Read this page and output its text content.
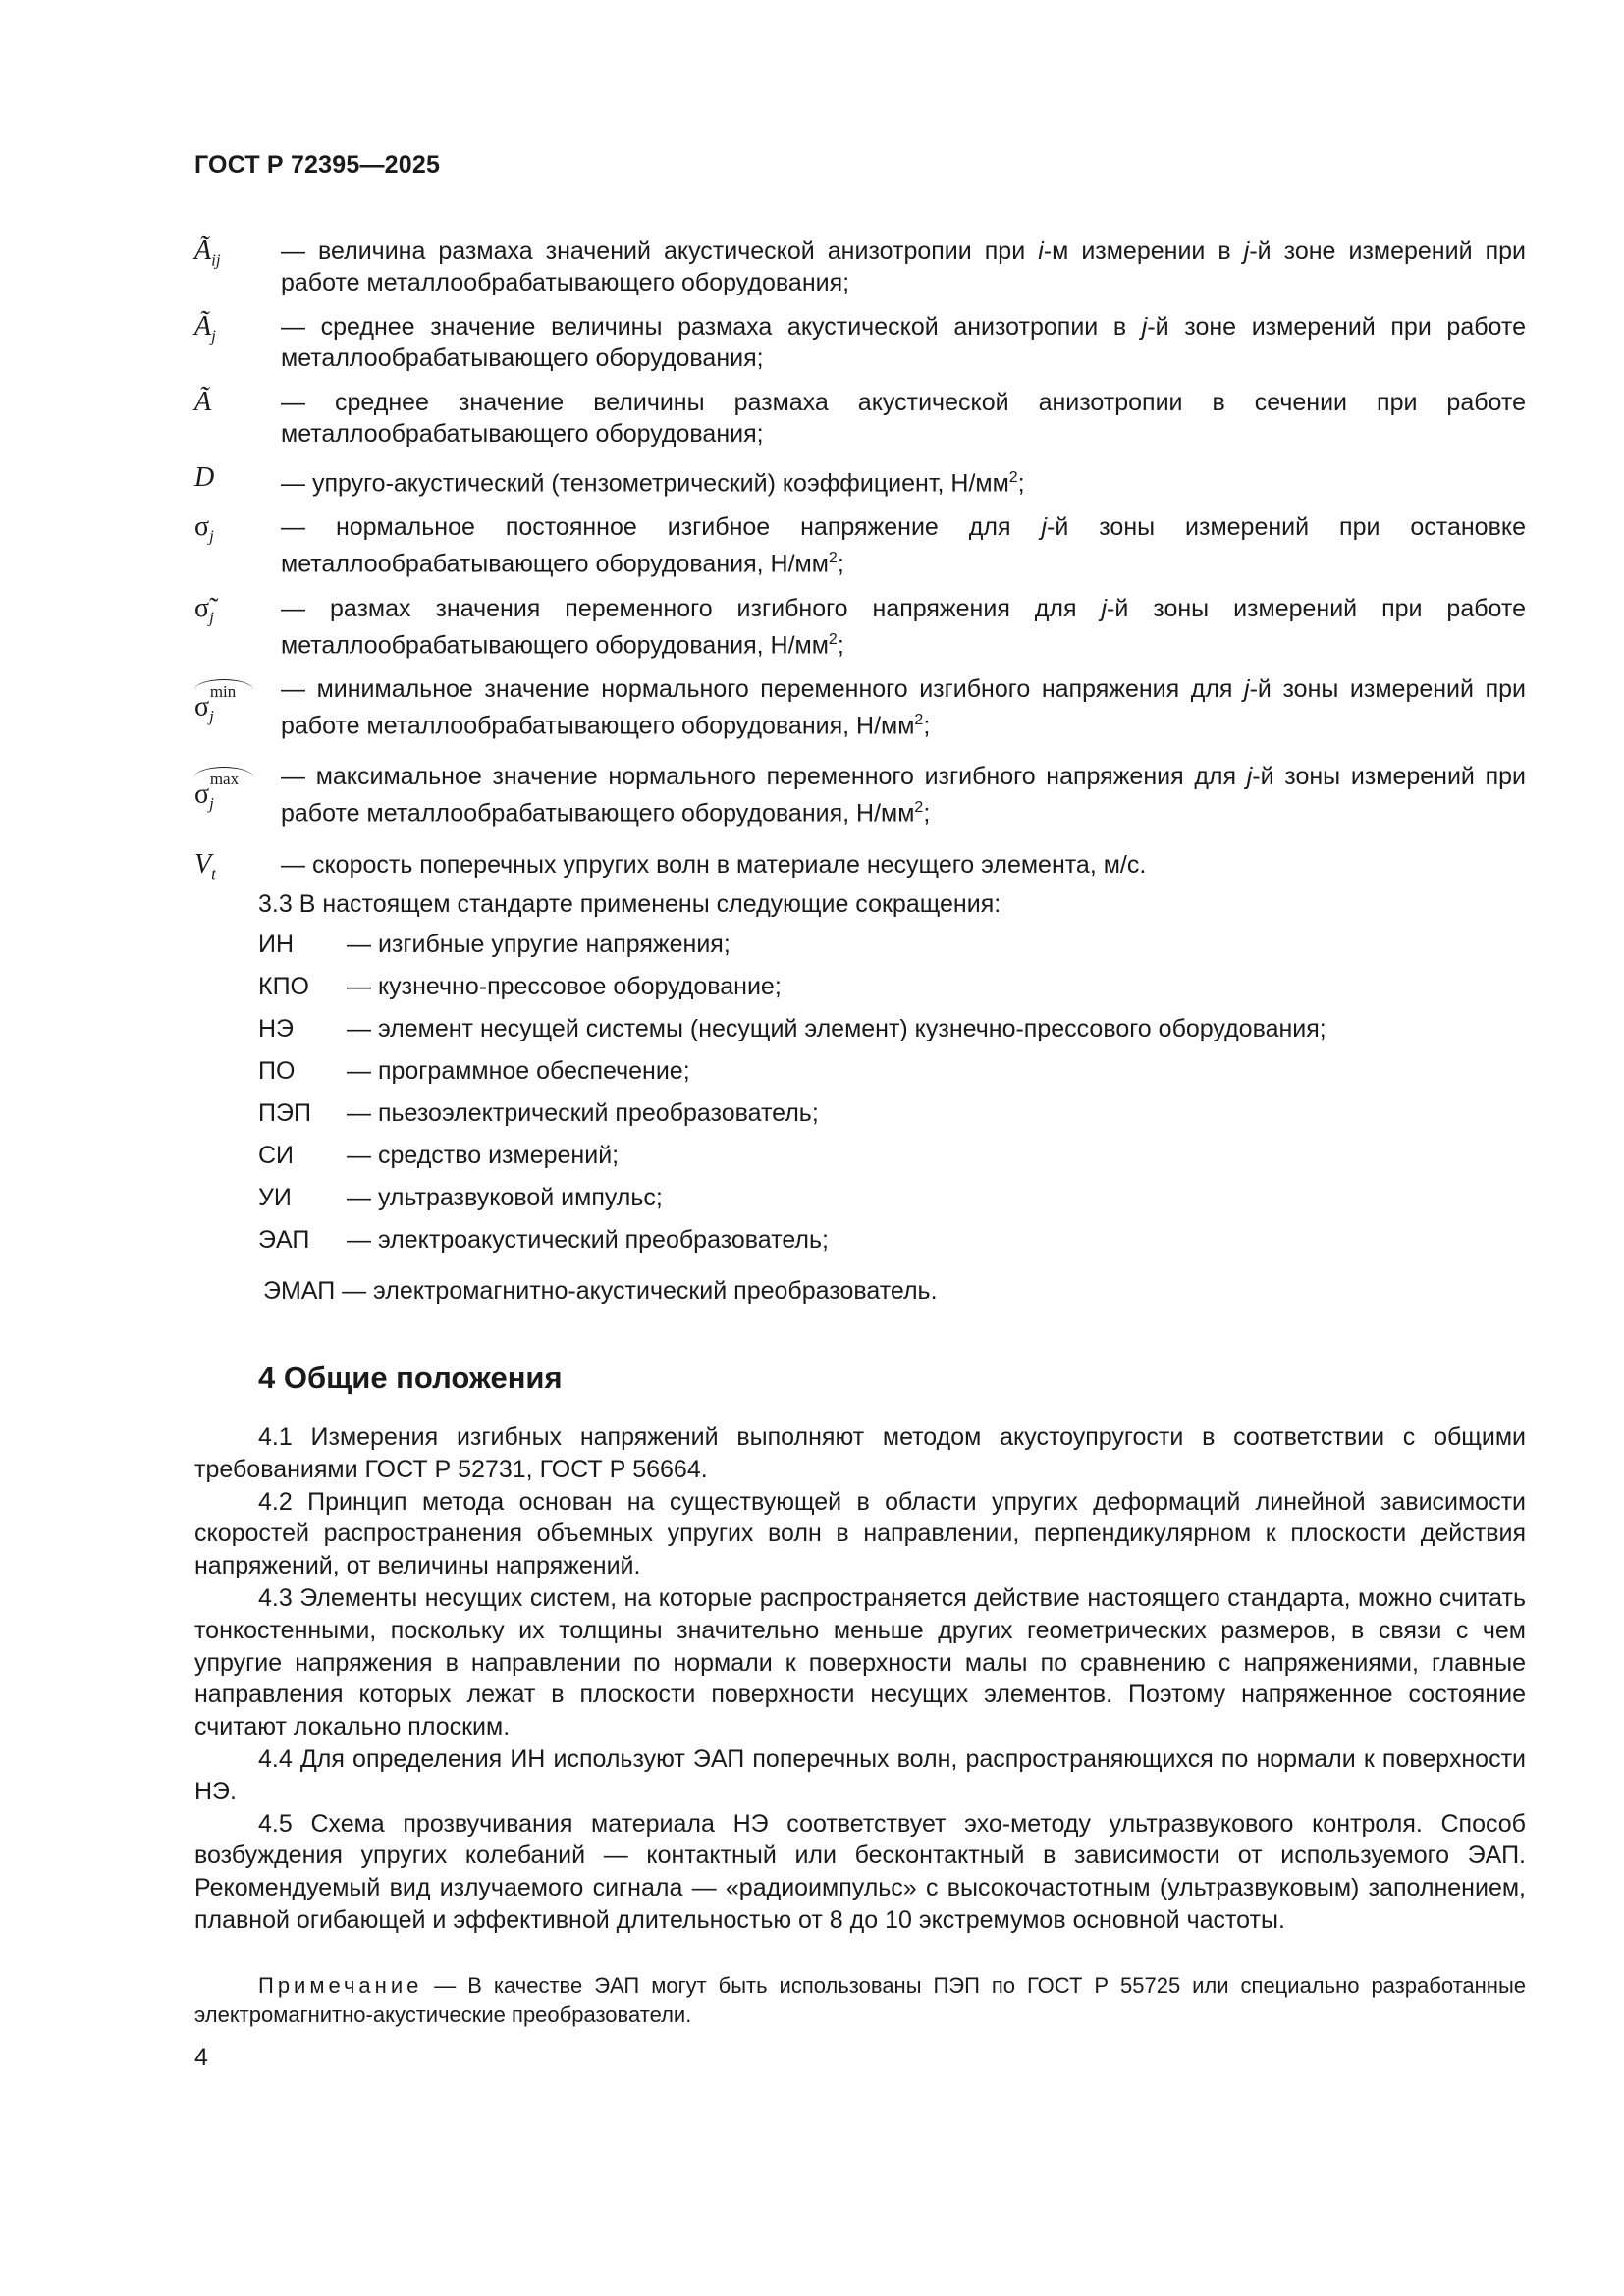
ГОСТ Р 72395—2025
$Ã_{ij}$	— величина размаха значений акустической анизотропии при i-м измерении в j-й зоне измерений при работе металлообрабатывающего оборудования;
$Ã_j$	— среднее значение величины размаха акустической анизотропии в j-й зоне измерений при работе металлообрабатывающего оборудования;
Ã	— среднее значение величины размаха акустической анизотропии в сечении при работе металлообрабатывающего оборудования;
D	— упруго-акустический (тензометрический) коэффициент, $Н/мм^2$;
$\sigma_j$	— нормальное постоянное изгибное напряжение для j-й зоны измерений при остановке металлообрабатывающего оборудования, $Н/мм^2$;
$\sigmã_j$	— размах значения переменного изгибного напряжения для j-й зоны измерений при работе металлообрабатывающего оборудования, $Н/мм^2$;
$\sigma_j^{min}$	— минимальное значение нормального переменного изгибного напряжения для j-й зоны измерений при работе металлообрабатывающего оборудования, $Н/мм^2$;
$\sigma_j^{max}$	— максимальное значение нормального переменного изгибного напряжения для j-й зоны измерений при работе металлообрабатывающего оборудования, $Н/мм^2$;
$V_t$	— скорость поперечных упругих волн в материале несущего элемента, м/с.
3.3 В настоящем стандарте применены следующие сокращения:
ИН — изгибные упругие напряжения;
КПО — кузнечно-прессовое оборудование;
НЭ — элемент несущей системы (несущий элемент) кузнечно-прессового оборудования;
ПО — программное обеспечение;
ПЭП — пьезоэлектрический преобразователь;
СИ — средство измерений;
УИ — ультразвуковой импульс;
ЭАП — электроакустический преобразователь;
ЭМАП — электромагнитно-акустический преобразователь.
4 Общие положения

4.1 Измерения изгибных напряжений выполняют методом акустоупругости в соответствии с общими требованиями ГОСТ Р 52731, ГОСТ Р 56664.

4.2 Принцип метода основан на существующей в области упругих деформаций линейной зависимости скоростей распространения объемных упругих волн в направлении, перпендикулярном к плоскости действия напряжений, от величины напряжений.

4.3 Элементы несущих систем, на которые распространяется действие настоящего стандарта, можно считать тонкостенными, поскольку их толщины значительно меньше других геометрических размеров, в связи с чем упругие напряжения в направлении по нормали к поверхности малы по сравнению с напряжениями, главные направления которых лежат в плоскости поверхности несущих элементов. Поэтому напряженное состояние считают локально плоским.

4.4 Для определения ИН используют ЭАП поперечных волн, распространяющихся по нормали к поверхности НЭ.

4.5 Схема прозвучивания материала НЭ соответствует эхо-методу ультразвукового контроля. Способ возбуждения упругих колебаний — контактный или бесконтактный в зависимости от используемого ЭАП. Рекомендуемый вид излучаемого сигнала — «радиоимпульс» с высокочастотным (ультразвуковым) заполнением, плавной огибающей и эффективной длительностью от 8 до 10 экстремумов основной частоты.

Примечание — В качестве ЭАП могут быть использованы ПЭП по ГОСТ Р 55725 или специально разработанные электромагнитно-акустические преобразователи.

4
